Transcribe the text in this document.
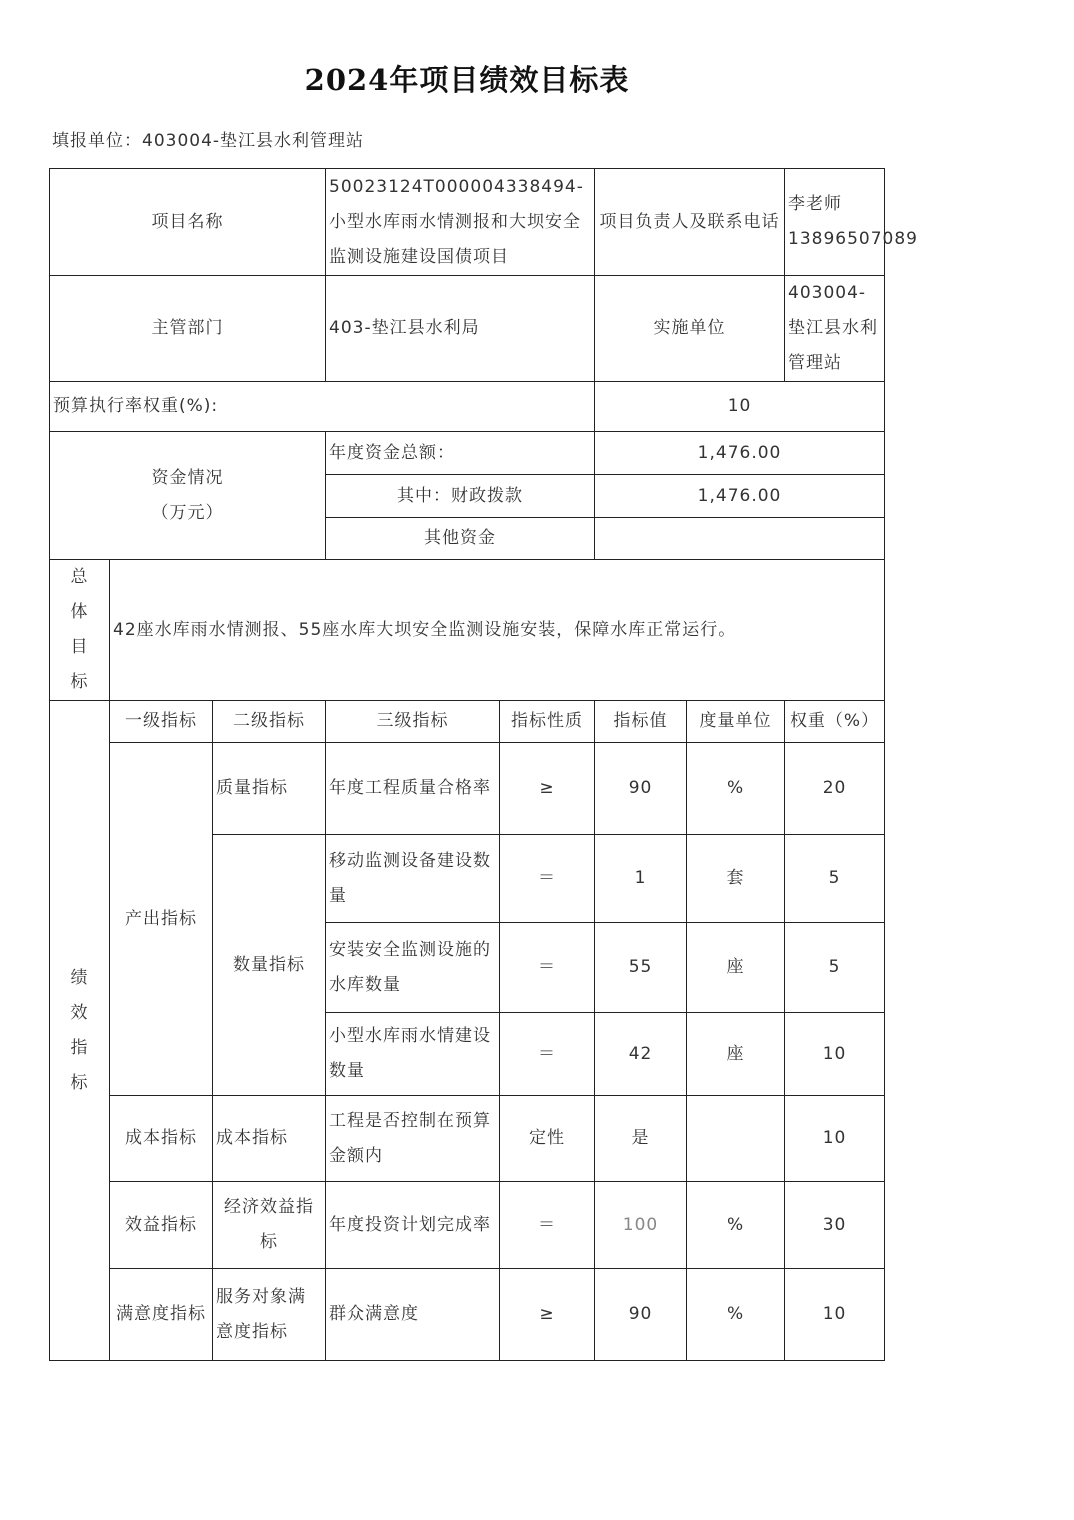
2024年项目绩效目标表
填报单位：403004-垫江县水利管理站
项目名称			50023124T000004338494-小型水库雨水情测报和大坝安全监测设施建设国债项目		项目负责人及联系电话		李老师 13896507089
主管部门			403-垫江县水利局		实施单位		403004-垫江县水利管理站
预算执行率权重(%):					10		

资金情况
（万元）			年度资金总额：		1,476.00		
			其中：财政拨款		1,476.00		
			其他资金				

总
体
目
标	42座水库雨水情测报、55座水库大坝安全监测设施安装，保障水库正常运行。						

绩
效
指
标	一级指标	二级指标	三级指标	指标性质	指标值	度量单位	权重（%）
	产出指标	质量指标	年度工程质量合格率	≥	90	%	20
		数量指标	移动监测设备建设数量	＝	1	套	5
			安装安全监测设施的水库数量	＝	55	座	5
			小型水库雨水情建设数量	＝	42	座	10
	成本指标	成本指标	工程是否控制在预算金额内	定性	是		10
	效益指标	经济效益指标	年度投资计划完成率	＝	100	%	30
	满意度指标	服务对象满意度指标	群众满意度	≥	90	%	10
